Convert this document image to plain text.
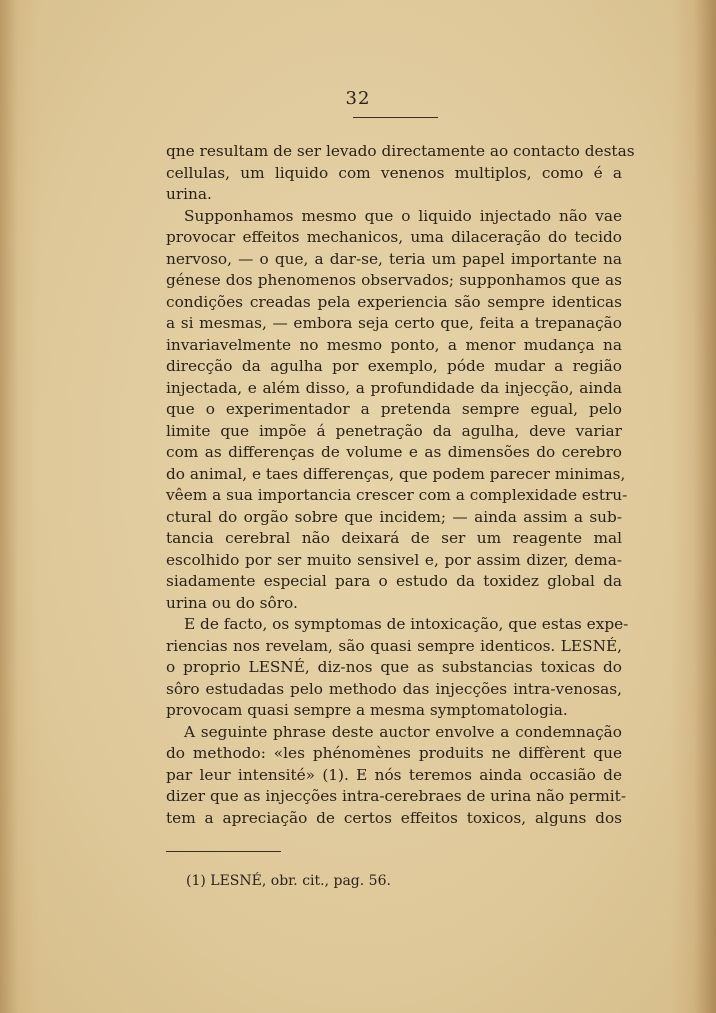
32
qne resultam de ser levado directamente ao contacto destas
cellulas, um liquido com venenos multiplos, como é a
urina.
Supponhamos mesmo que o liquido injectado não vae
provocar effeitos mechanicos, uma dilaceração do tecido
nervoso, — o que, a dar-se, teria um papel importante na
génese dos phenomenos observados; supponhamos que as
condições creadas pela experiencia são sempre identicas
a si mesmas, — embora seja certo que, feita a trepanação
invariavelmente no mesmo ponto, a menor mudança na
direcção da agulha por exemplo, póde mudar a região
injectada, e além disso, a profundidade da injecção, ainda
que o experimentador a pretenda sempre egual, pelo
limite que impõe á penetração da agulha, deve variar
com as differenças de volume e as dimensões do cerebro
do animal, e taes differenças, que podem parecer minimas,
vêem a sua importancia crescer com a complexidade estru-
ctural do orgão sobre que incidem; — ainda assim a sub-
tancia cerebral não deixará de ser um reagente mal
escolhido por ser muito sensivel e, por assim dizer, dema-
siadamente especial para o estudo da toxidez global da
urina ou do sôro.
E de facto, os symptomas de intoxicação, que estas expe-
riencias nos revelam, são quasi sempre identicos. LESNÉ,
o proprio LESNÉ, diz-nos que as substancias toxicas do
sôro estudadas pelo methodo das injecções intra-venosas,
provocam quasi sempre a mesma symptomatologia.
A seguinte phrase deste auctor envolve a condemnação
do methodo: «les phénomènes produits ne diffèrent que
par leur intensité» (1). E nós teremos ainda occasião de
dizer que as injecções intra-cerebraes de urina não permit-
tem a apreciação de certos effeitos toxicos, alguns dos
(1) LESNÉ, obr. cit., pag. 56.
